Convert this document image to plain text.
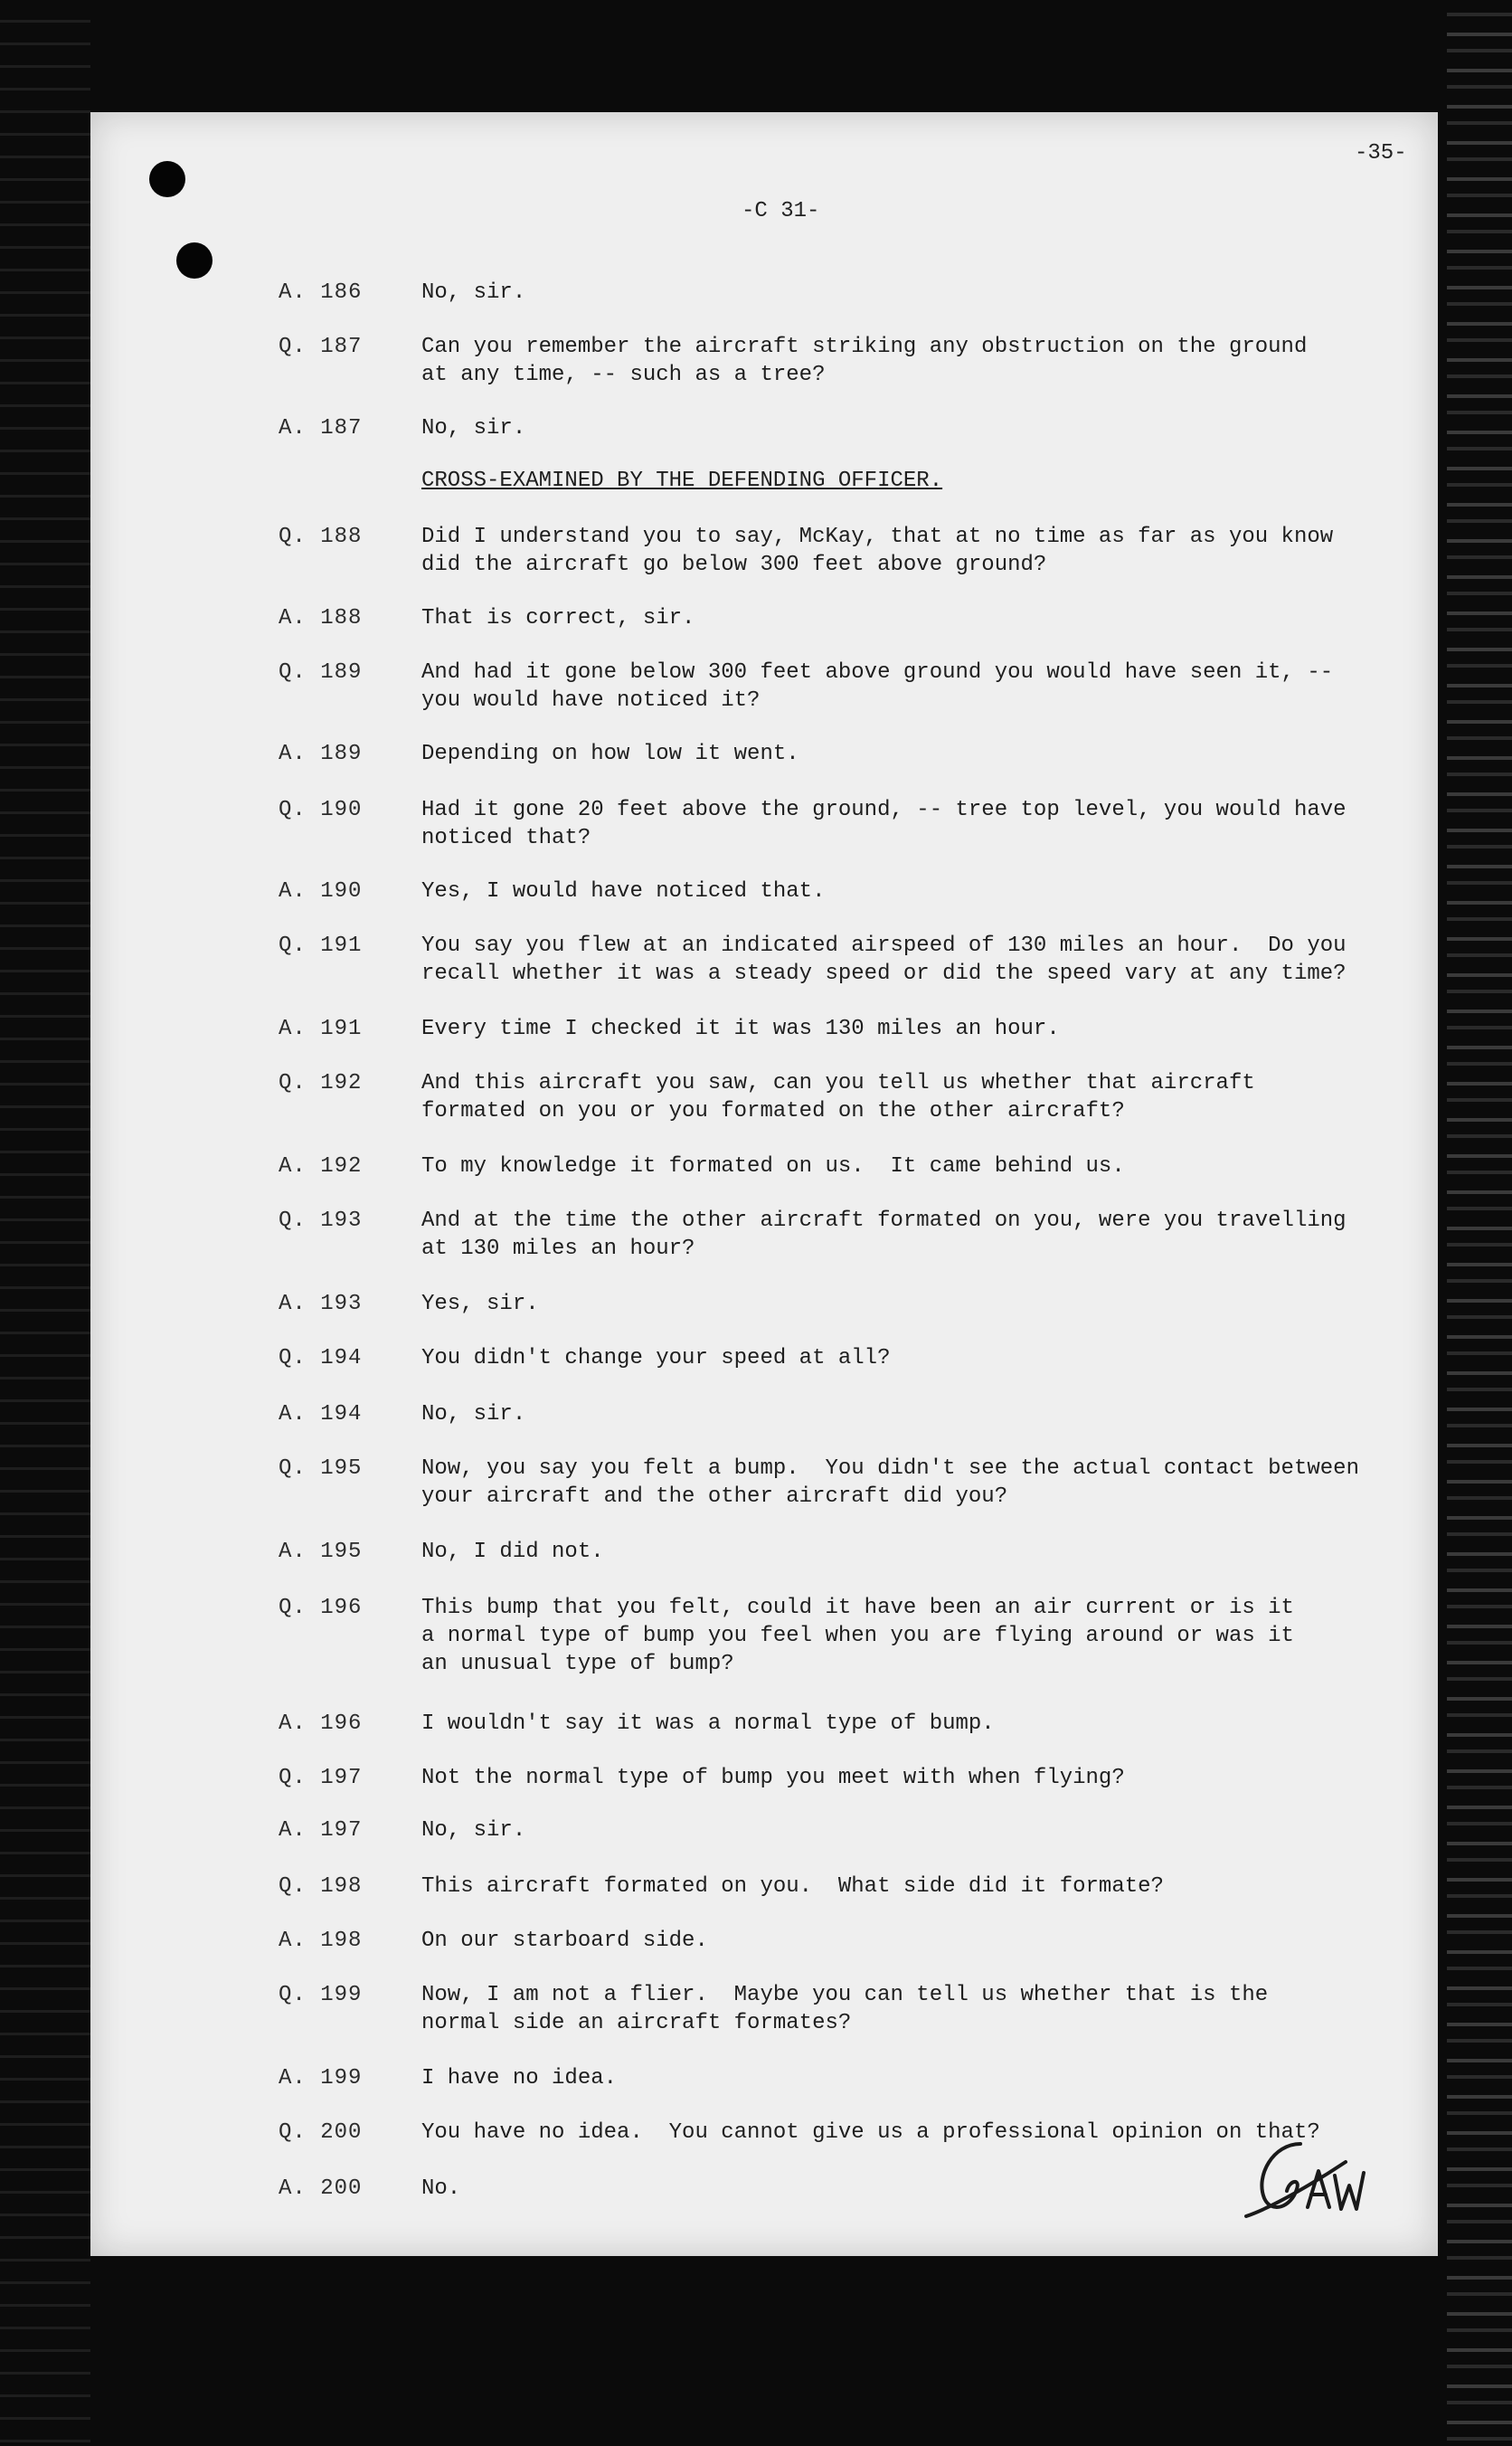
-35-
-C 31-
A. 186	No, sir.
Q. 187	Can you remember the aircraft striking any obstruction on the ground
at any time, -- such as a tree?
A. 187	No, sir.
CROSS-EXAMINED BY THE DEFENDING OFFICER.
Q. 188	Did I understand you to say, McKay, that at no time as far as you know
did the aircraft go below 300 feet above ground?
A. 188	That is correct, sir.
Q. 189	And had it gone below 300 feet above ground you would have seen it, --
you would have noticed it?
A. 189	Depending on how low it went.
Q. 190	Had it gone 20 feet above the ground, -- tree top level, you would have
noticed that?
A. 190	Yes, I would have noticed that.
Q. 191	You say you flew at an indicated airspeed of 130 miles an hour.  Do you
recall whether it was a steady speed or did the speed vary at any time?
A. 191	Every time I checked it it was 130 miles an hour.
Q. 192	And this aircraft you saw, can you tell us whether that aircraft
formated on you or you formated on the other aircraft?
A. 192	To my knowledge it formated on us.  It came behind us.
Q. 193	And at the time the other aircraft formated on you, were you travelling
at 130 miles an hour?
A. 193	Yes, sir.
Q. 194	You didn't change your speed at all?
A. 194	No, sir.
Q. 195	Now, you say you felt a bump.  You didn't see the actual contact between
your aircraft and the other aircraft did you?
A. 195	No, I did not.
Q. 196	This bump that you felt, could it have been an air current or is it
a normal type of bump you feel when you are flying around or was it
an unusual type of bump?
A. 196	I wouldn't say it was a normal type of bump.
Q. 197	Not the normal type of bump you meet with when flying?
A. 197	No, sir.
Q. 198	This aircraft formated on you.  What side did it formate?
A. 198	On our starboard side.
Q. 199	Now, I am not a flier.  Maybe you can tell us whether that is the
normal side an aircraft formates?
A. 199	I have no idea.
Q. 200	You have no idea.  You cannot give us a professional opinion on that?
A. 200	No.
